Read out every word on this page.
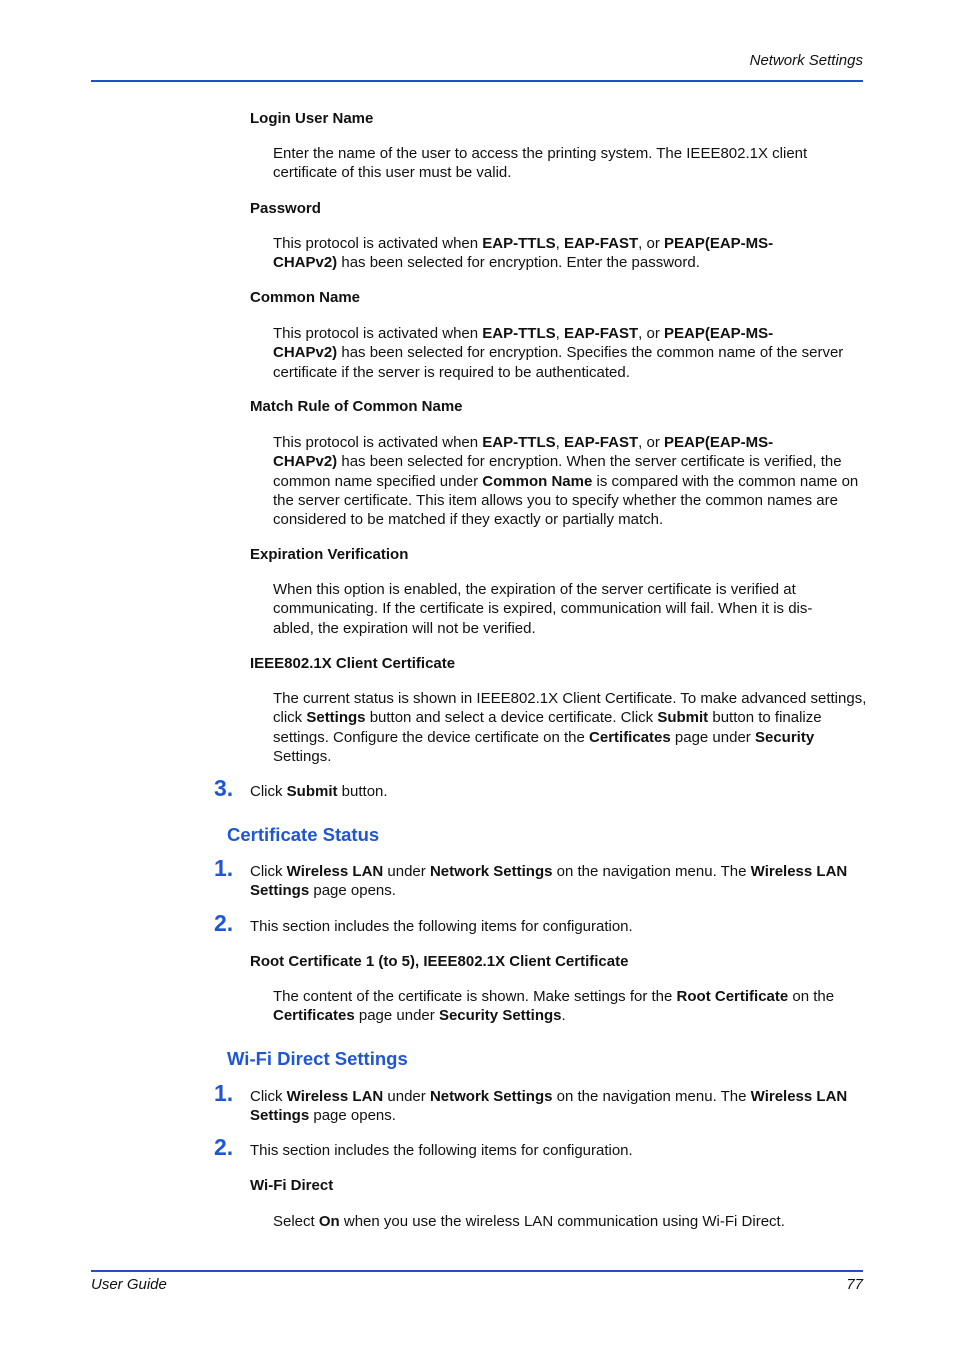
Network Settings
Login User Name
Enter the name of the user to access the printing system. The IEEE802.1X client certificate of this user must be valid.
Password
This protocol is activated when EAP-TTLS, EAP-FAST, or PEAP(EAP-MS-
CHAPv2) has been selected for encryption. Enter the password.
Common Name
This protocol is activated when EAP-TTLS, EAP-FAST, or PEAP(EAP-MS-
CHAPv2) has been selected for encryption. Specifies the common name of the server certificate if the server is required to be authenticated.
Match Rule of Common Name
This protocol is activated when EAP-TTLS, EAP-FAST, or PEAP(EAP-MS-
CHAPv2) has been selected for encryption. When the server certificate is verified, the common name specified under Common Name is compared with the common name on the server certificate. This item allows you to specify whether the common names are considered to be matched if they exactly or partially match.
Expiration Verification
When this option is enabled, the expiration of the server certificate is verified at communicating. If the certificate is expired, communication will fail. When it is dis-
abled, the expiration will not be verified.
IEEE802.1X Client Certificate
The current status is shown in IEEE802.1X Client Certificate. To make advanced settings, click Settings button and select a device certificate. Click Submit button to finalize settings. Configure the device certificate on the Certificates page under Security Settings.
3. Click Submit button.
Certificate Status
1. Click Wireless LAN under Network Settings on the navigation menu. The Wireless LAN Settings page opens.
2. This section includes the following items for configuration.
Root Certificate 1 (to 5), IEEE802.1X Client Certificate
The content of the certificate is shown. Make settings for the Root Certificate on the Certificates page under Security Settings.
Wi-Fi Direct Settings
1. Click Wireless LAN under Network Settings on the navigation menu. The Wireless LAN Settings page opens.
2. This section includes the following items for configuration.
Wi-Fi Direct
Select On when you use the wireless LAN communication using Wi-Fi Direct.
User Guide	77
